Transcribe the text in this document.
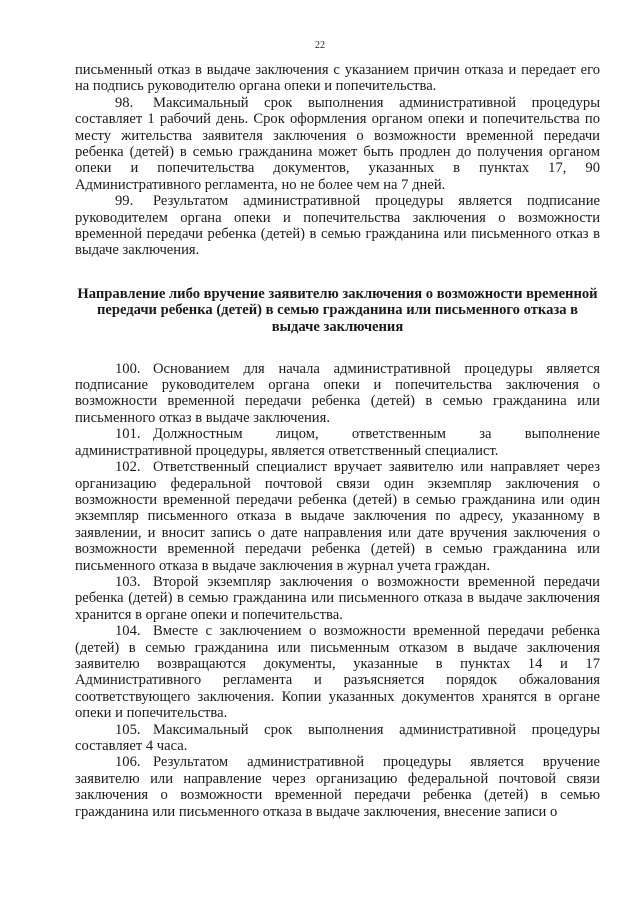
22

письменный отказ в выдаче заключения с указанием причин отказа и передает его на подпись руководителю органа опеки и попечительства.

98. Максимальный срок выполнения административной процедуры составляет 1 рабочий день. Срок оформления органом опеки и попечительства по месту жительства заявителя заключения о возможности временной передачи ребенка (детей) в семью гражданина может быть продлен до получения органом опеки и попечительства документов, указанных в пунктах 17, 90 Административного регламента, но не более чем на 7 дней.

99. Результатом административной процедуры является подписание руководителем органа опеки и попечительства заключения о возможности временной передачи ребенка (детей) в семью гражданина или письменного отказ в выдаче заключения.

Направление либо вручение заявителю заключения о возможности временной передачи ребенка (детей) в семью гражданина или письменного отказа в выдаче заключения

100. Основанием для начала административной процедуры является подписание руководителем органа опеки и попечительства заключения о возможности временной передачи ребенка (детей) в семью гражданина или письменного отказ в выдаче заключения.

101. Должностным лицом, ответственным за выполнение административной процедуры, является ответственный специалист.

102. Ответственный специалист вручает заявителю или направляет через организацию федеральной почтовой связи один экземпляр заключения о возможности временной передачи ребенка (детей) в семью гражданина или один экземпляр письменного отказа в выдаче заключения по адресу, указанному в заявлении, и вносит запись о дате направления или дате вручения заключения о возможности временной передачи ребенка (детей) в семью гражданина или письменного отказа в выдаче заключения в журнал учета граждан.

103. Второй экземпляр заключения о возможности временной передачи ребенка (детей) в семью гражданина или письменного отказа в выдаче заключения хранится в органе опеки и попечительства.

104. Вместе с заключением о возможности временной передачи ребенка (детей) в семью гражданина или письменным отказом в выдаче заключения заявителю возвращаются документы, указанные в пунктах 14 и 17 Административного регламента и разъясняется порядок обжалования соответствующего заключения. Копии указанных документов хранятся в органе опеки и попечительства.

105. Максимальный срок выполнения административной процедуры составляет 4 часа.

106. Результатом административной процедуры является вручение заявителю или направление через организацию федеральной почтовой связи заключения о возможности временной передачи ребенка (детей) в семью гражданина или письменного отказа в выдаче заключения, внесение записи о
